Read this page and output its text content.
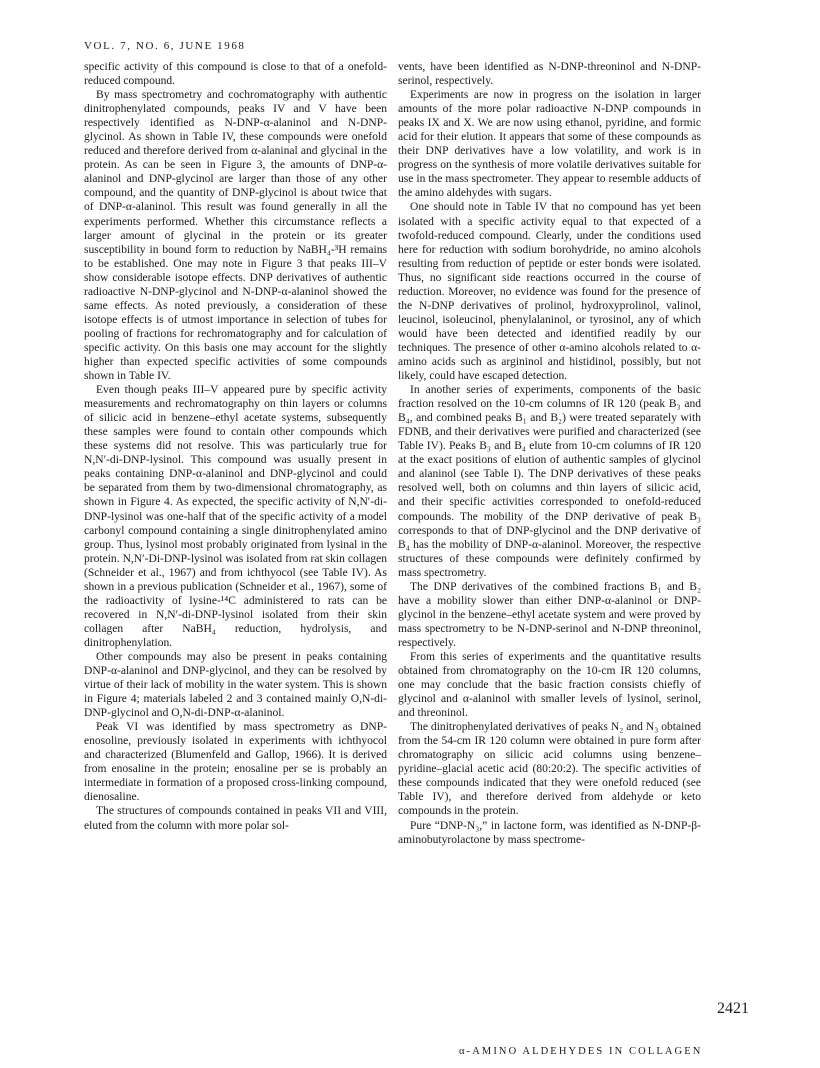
VOL. 7, NO. 6, JUNE 1968

specific activity of this compound is close to that of a onefold-reduced compound.

By mass spectrometry and cochromatography with authentic dinitrophenylated compounds, peaks IV and V have been respectively identified as N-DNP-α-alaninol and N-DNP-glycinol. As shown in Table IV, these compounds were onefold reduced and therefore derived from α-alaninal and glycinal in the protein. As can be seen in Figure 3, the amounts of DNP-α-alaninol and DNP-glycinol are larger than those of any other compound, and the quantity of DNP-glycinol is about twice that of DNP-α-alaninol. This result was found generally in all the experiments performed. Whether this circumstance reflects a larger amount of glycinal in the protein or its greater susceptibility in bound form to reduction by NaBH₄-³H remains to be established. One may note in Figure 3 that peaks III–V show considerable isotope effects. DNP derivatives of authentic radioactive N-DNP-glycinol and N-DNP-α-alaninol showed the same effects. As noted previously, a consideration of these isotope effects is of utmost importance in selection of tubes for pooling of fractions for rechromatography and for calculation of specific activity. On this basis one may account for the slightly higher than expected specific activities of some compounds shown in Table IV.

Even though peaks III–V appeared pure by specific activity measurements and rechromatography on thin layers or columns of silicic acid in benzene–ethyl acetate systems, subsequently these samples were found to contain other compounds which these systems did not resolve. This was particularly true for N,N′-di-DNP-lysinol. This compound was usually present in peaks containing DNP-α-alaninol and DNP-glycinol and could be separated from them by two-dimensional chromatography, as shown in Figure 4. As expected, the specific activity of N,N′-di-DNP-lysinol was one-half that of the specific activity of a model carbonyl compound containing a single dinitrophenylated amino group. Thus, lysinol most probably originated from lysinal in the protein. N,N′-Di-DNP-lysinol was isolated from rat skin collagen (Schneider et al., 1967) and from ichthyocol (see Table IV). As shown in a previous publication (Schneider et al., 1967), some of the radioactivity of lysine-¹⁴C administered to rats can be recovered in N,N′-di-DNP-lysinol isolated from their skin collagen after NaBH₄ reduction, hydrolysis, and dinitrophenylation.

Other compounds may also be present in peaks containing DNP-α-alaninol and DNP-glycinol, and they can be resolved by virtue of their lack of mobility in the water system. This is shown in Figure 4; materials labeled 2 and 3 contained mainly O,N-di-DNP-glycinol and O,N-di-DNP-α-alaninol.

Peak VI was identified by mass spectrometry as DNP-enosoline, previously isolated in experiments with ichthyocol and characterized (Blumenfeld and Gallop, 1966). It is derived from enosaline in the protein; enosaline per se is probably an intermediate in formation of a proposed cross-linking compound, dienosaline.

The structures of compounds contained in peaks VII and VIII, eluted from the column with more polar sol-

vents, have been identified as N-DNP-threoninol and N-DNP-serinol, respectively.

Experiments are now in progress on the isolation in larger amounts of the more polar radioactive N-DNP compounds in peaks IX and X. We are now using ethanol, pyridine, and formic acid for their elution. It appears that some of these compounds as their DNP derivatives have a low volatility, and work is in progress on the synthesis of more volatile derivatives suitable for use in the mass spectrometer. They appear to resemble adducts of the amino aldehydes with sugars.

One should note in Table IV that no compound has yet been isolated with a specific activity equal to that expected of a twofold-reduced compound. Clearly, under the conditions used here for reduction with sodium borohydride, no amino alcohols resulting from reduction of peptide or ester bonds were isolated. Thus, no significant side reactions occurred in the course of reduction. Moreover, no evidence was found for the presence of the N-DNP derivatives of prolinol, hydroxyprolinol, valinol, leucinol, isoleucinol, phenylalaninol, or tyrosinol, any of which would have been detected and identified readily by our techniques. The presence of other α-amino alcohols related to α-amino acids such as argininol and histidinol, possibly, but not likely, could have escaped detection.

In another series of experiments, components of the basic fraction resolved on the 10-cm columns of IR 120 (peak B₃ and B₄, and combined peaks B₁ and B₂) were treated separately with FDNB, and their derivatives were purified and characterized (see Table IV). Peaks B₃ and B₄ elute from 10-cm columns of IR 120 at the exact positions of elution of authentic samples of glycinol and alaninol (see Table I). The DNP derivatives of these peaks resolved well, both on columns and thin layers of silicic acid, and their specific activities corresponded to onefold-reduced compounds. The mobility of the DNP derivative of peak B₃ corresponds to that of DNP-glycinol and the DNP derivative of B₄ has the mobility of DNP-α-alaninol. Moreover, the respective structures of these compounds were definitely confirmed by mass spectrometry.

The DNP derivatives of the combined fractions B₁ and B₂ have a mobility slower than either DNP-α-alaninol or DNP-glycinol in the benzene–ethyl acetate system and were proved by mass spectrometry to be N-DNP-serinol and N-DNP threoninol, respectively.

From this series of experiments and the quantitative results obtained from chromatography on the 10-cm IR 120 columns, one may conclude that the basic fraction consists chiefly of glycinol and α-alaninol with smaller levels of lysinol, serinol, and threoninol.

The dinitrophenylated derivatives of peaks N₂ and N₃ obtained from the 54-cm IR 120 column were obtained in pure form after chromatography on silicic acid columns using benzene–pyridine–glacial acetic acid (80:20:2). The specific activities of these compounds indicated that they were onefold reduced (see Table IV), and therefore derived from aldehyde or keto compounds in the protein.

Pure “DNP-N₃,” in lactone form, was identified as N-DNP-β-aminobutyrolactone by mass spectrome-

2421
α-AMINO ALDEHYDES IN COLLAGEN
